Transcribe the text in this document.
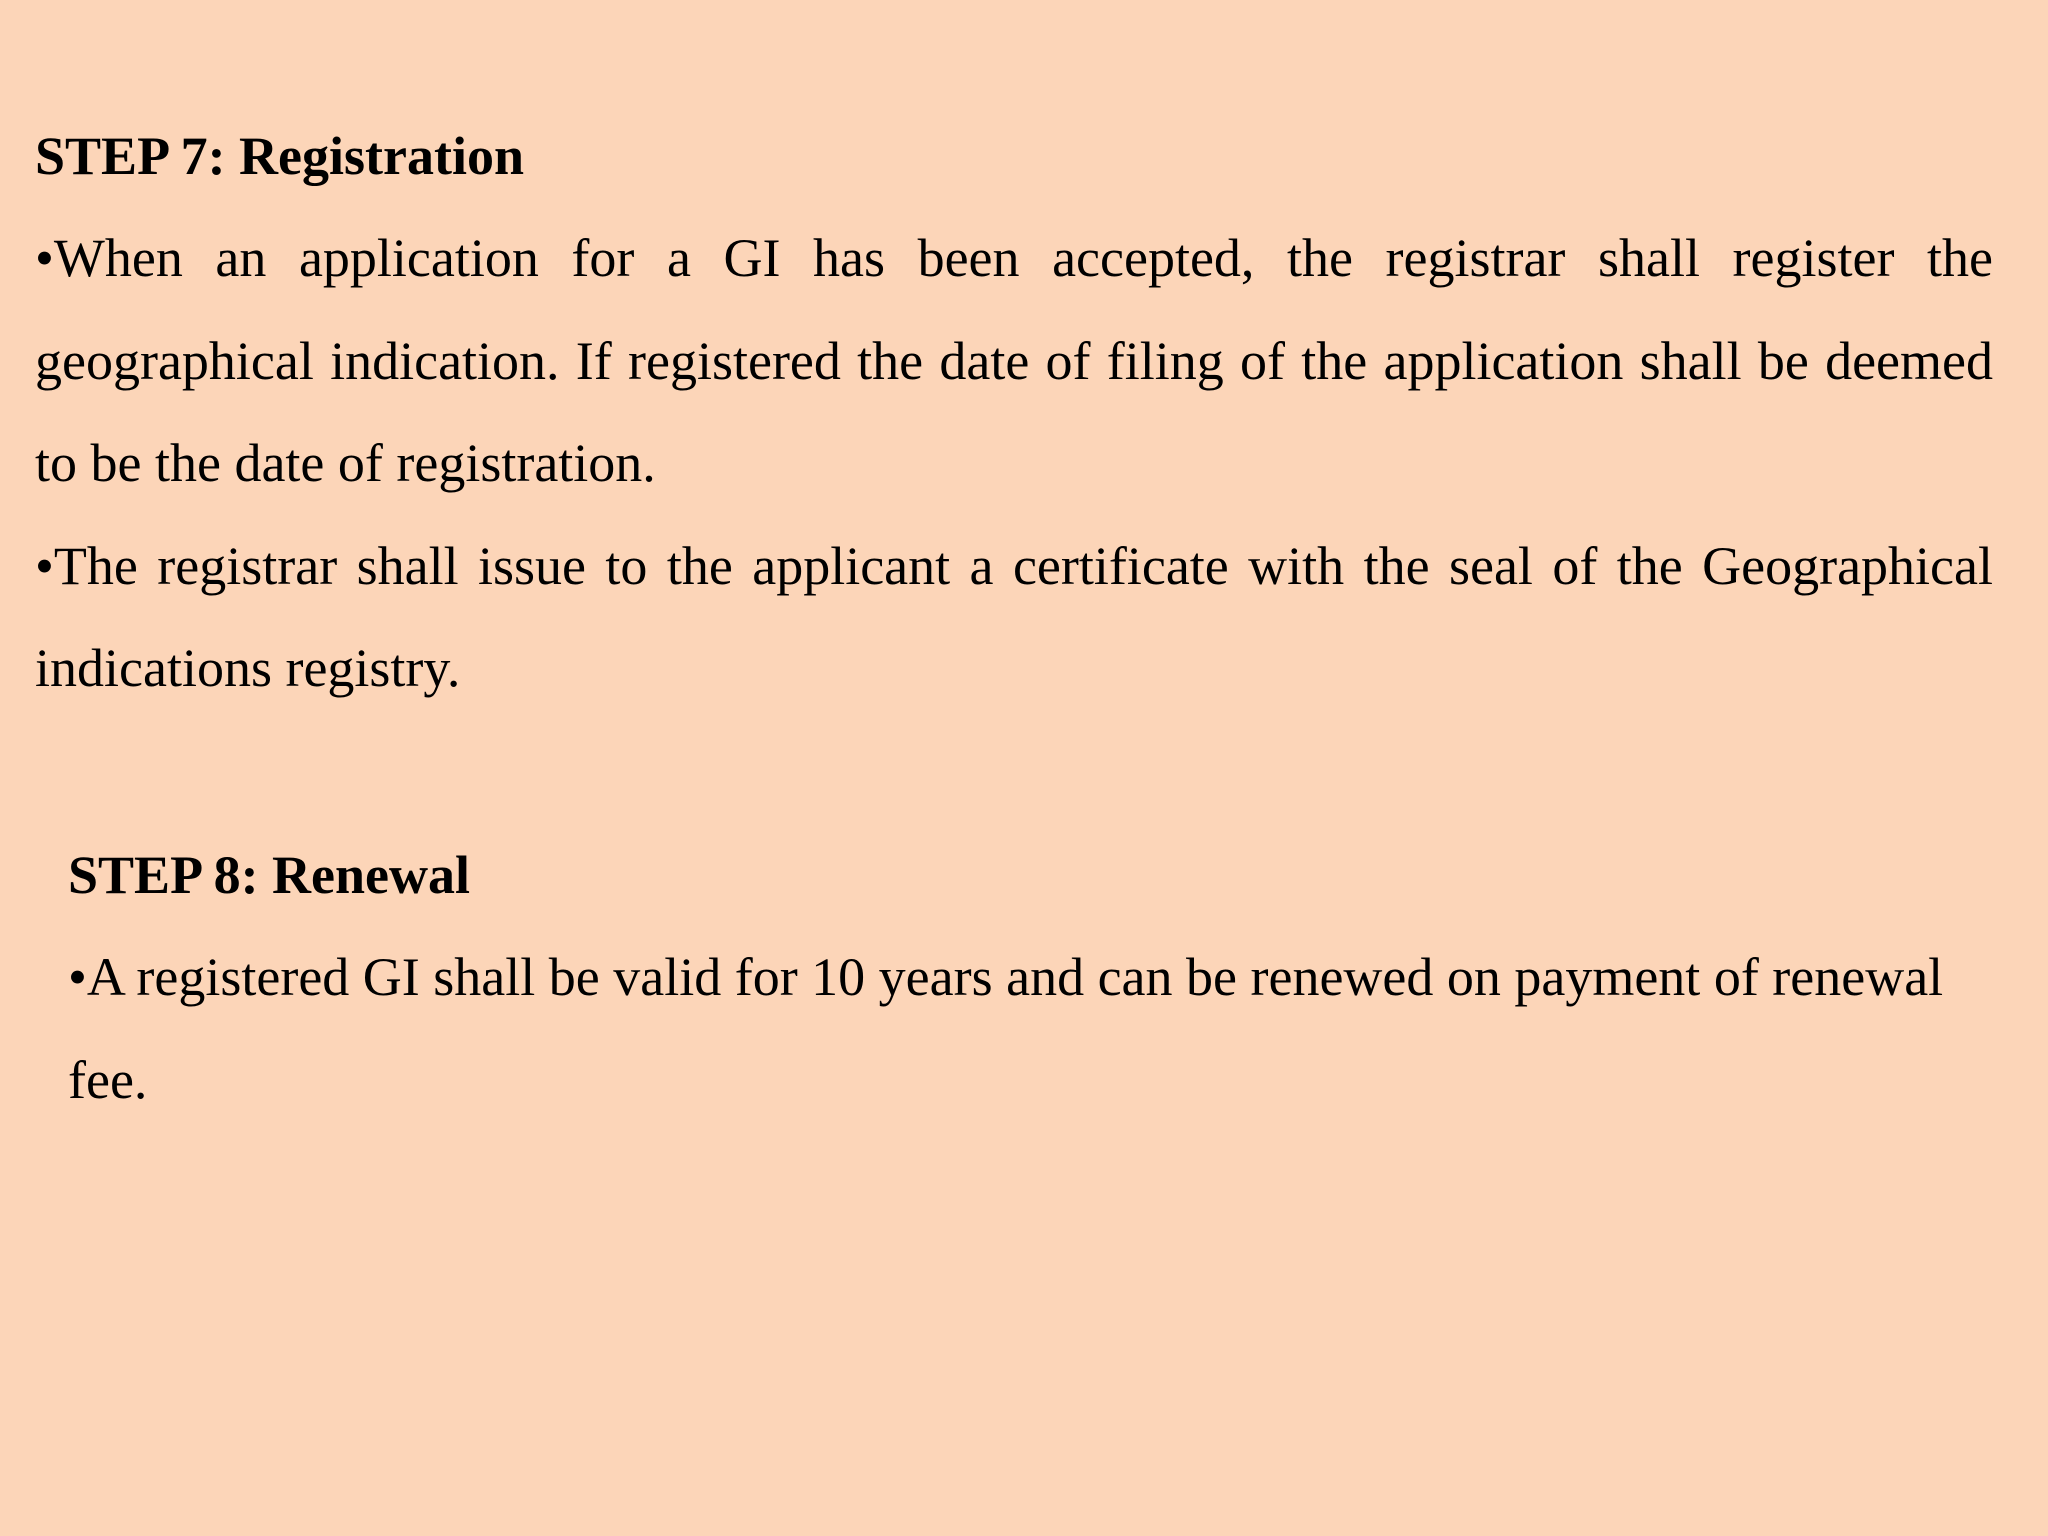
STEP 7: Registration

•When an application for a GI has been accepted, the registrar shall register the geographical indication. If registered the date of filing of the application shall be deemed to be the date of registration.

•The registrar shall issue to the applicant a certificate with the seal of the Geographical indications registry.

STEP 8: Renewal

•A registered GI shall be valid for 10 years and can be renewed on payment of renewal fee.
